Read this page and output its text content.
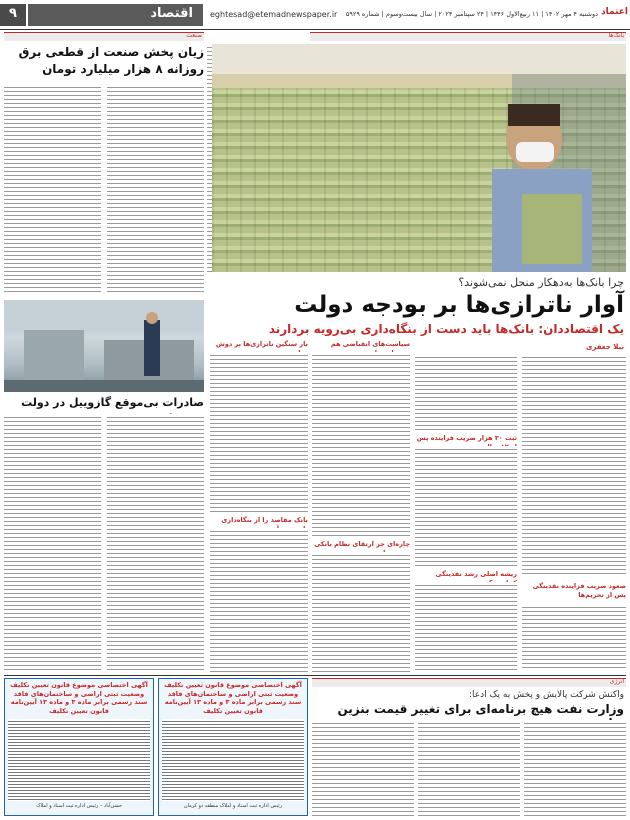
۹	اقتصاد eghtesad@etemadnewspaper.ir	دوشنبه ۴ مهر ۱۴۰۲ | ۱۱ ربیع‌الاول ۱۴۴۶ | ۲۴ سپتامبر ۲۰۲۴ | سال بیست‌وسوم | شماره ۵۹۲۹ اعتماد
صنعت
زیان پخش صنعت از قطعی برق روزانه ۸ هزار میلیارد تومان
بانک‌ها
چرا بانک‌ها به‌دهکار منحل نمی‌شوند؟
آوار ناترازی‌ها بر بودجه دولت
یک اقتصاددان: بانک‌ها باید دست از بنگاه‌داری بی‌رویه بردارند
صادرات بی‌موقع گازوییل در دولت
نیلا جعفری
صعود ضریب فزاینده نقدینگی پس از تحریم‌ها
ثبت ۳۰ هزار ضریب فزاینده پس
ریشه اصلی رشد نقدینگی
سیاست‌های انقباضی هم
چاره‌ای جز ارتقای نظام بانکی
بار سنگین ناترازی‌ها بر دوش
بانک مقاصد را از بنگاه‌داری
انرژی
واکنش شرکت پالایش و پخش به یک ادعا:
وزارت نفت هیچ برنامه‌ای برای تغییر قیمت بنزین
آگهی اختصاصی موضوع قانون تعیین تکلیف وضعیت ثبتی اراضی و ساختمان‌های فاقد سند رسمی برابر ماده ۳ و ماده ۱۳ آیین‌نامه قانون تعیین تکلیف
حسن‌آباد – رئیس اداره ثبت اسناد و املاک
آگهی اختصاصی موضوع قانون تعیین تکلیف وضعیت ثبتی اراضی و ساختمان‌های فاقد سند رسمی برابر ماده ۳ و ماده ۱۳ آیین‌نامه قانون تعیین تکلیف
رئیس اداره ثبت اسناد و املاک منطقه دو کرمان
